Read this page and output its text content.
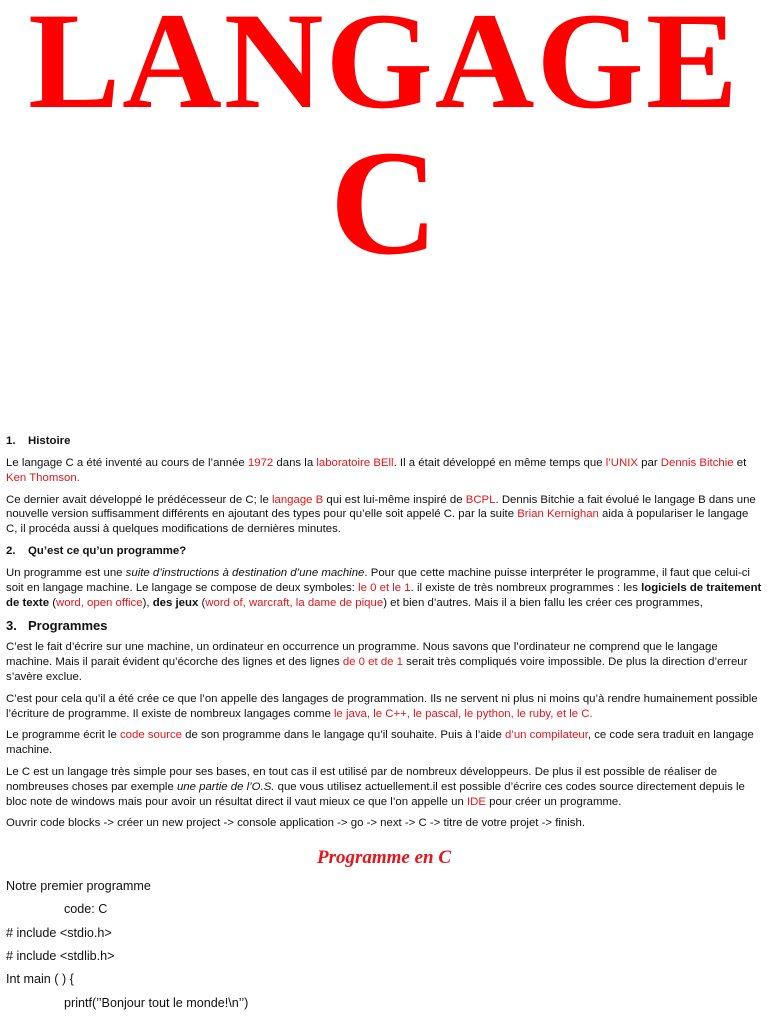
LANGAGE
C
1. Histoire

Le langage C a été inventé au cours de l’année 1972 dans la laboratoire BEll. Il a était développé en même temps que l’UNIX par Dennis Bitchie et Ken Thomson.

Ce dernier avait développé le prédécesseur de C; le langage B qui est lui-même inspiré de BCPL. Dennis Bitchie a fait évolué le langage B dans une nouvelle version suffisamment différents en ajoutant des types pour qu’elle soit appelé C. par la suite Brian Kernighan aida à populariser le langage C, il procéda aussi à quelques modifications de dernières minutes.

2. Qu’est ce qu’un programme?

Un programme est une suite d’instructions à destination d’une machine. Pour que cette machine puisse interpréter le programme, il faut que celui-ci soit en langage machine. Le langage se compose de deux symboles: le 0 et le 1. il existe de très nombreux programmes : les logiciels de traitement de texte (word, open office), des jeux (word of, warcraft, la dame de pique) et bien d’autres. Mais il a bien fallu les créer ces programmes,

3. Programmes

C’est le fait d’écrire sur une machine, un ordinateur en occurrence un programme. Nous savons que l’ordinateur ne comprend que le langage machine. Mais il parait évident qu’écorche des lignes et des lignes de 0 et de 1 serait très compliqués voire impossible. De plus la direction d’erreur s’avère exclue.

C’est pour cela qu’il a été crée ce que l’on appelle des langages de programmation. Ils ne servent ni plus ni moins qu’à rendre humainement possible l’écriture de programme. Il existe de nombreux langages comme le java, le C++, le pascal, le python, le ruby, et le C.

Le programme écrit le code source de son programme dans le langage qu’il souhaite. Puis à l’aide d’un compilateur, ce code sera traduit en langage machine.

Le C est un langage très simple pour ses bases, en tout cas il est utilisé par de nombreux développeurs. De plus il est possible de réaliser de nombreuses choses par exemple une partie de l’O.S. que vous utilisez actuellement.il est possible d’écrire ces codes source directement depuis le bloc note de windows mais pour avoir un résultat direct il vaut mieux ce que l’on appelle un IDE pour créer un programme.

Ouvrir code blocks -> créer un new project -> console application -> go -> next -> C -> titre de votre projet -> finish.

Programme en C
Notre premier programme
code: C
# include <stdio.h>
# include <stdlib.h>
Int main ( ) {
printf(’’Bonjour tout le monde!\n’’)
